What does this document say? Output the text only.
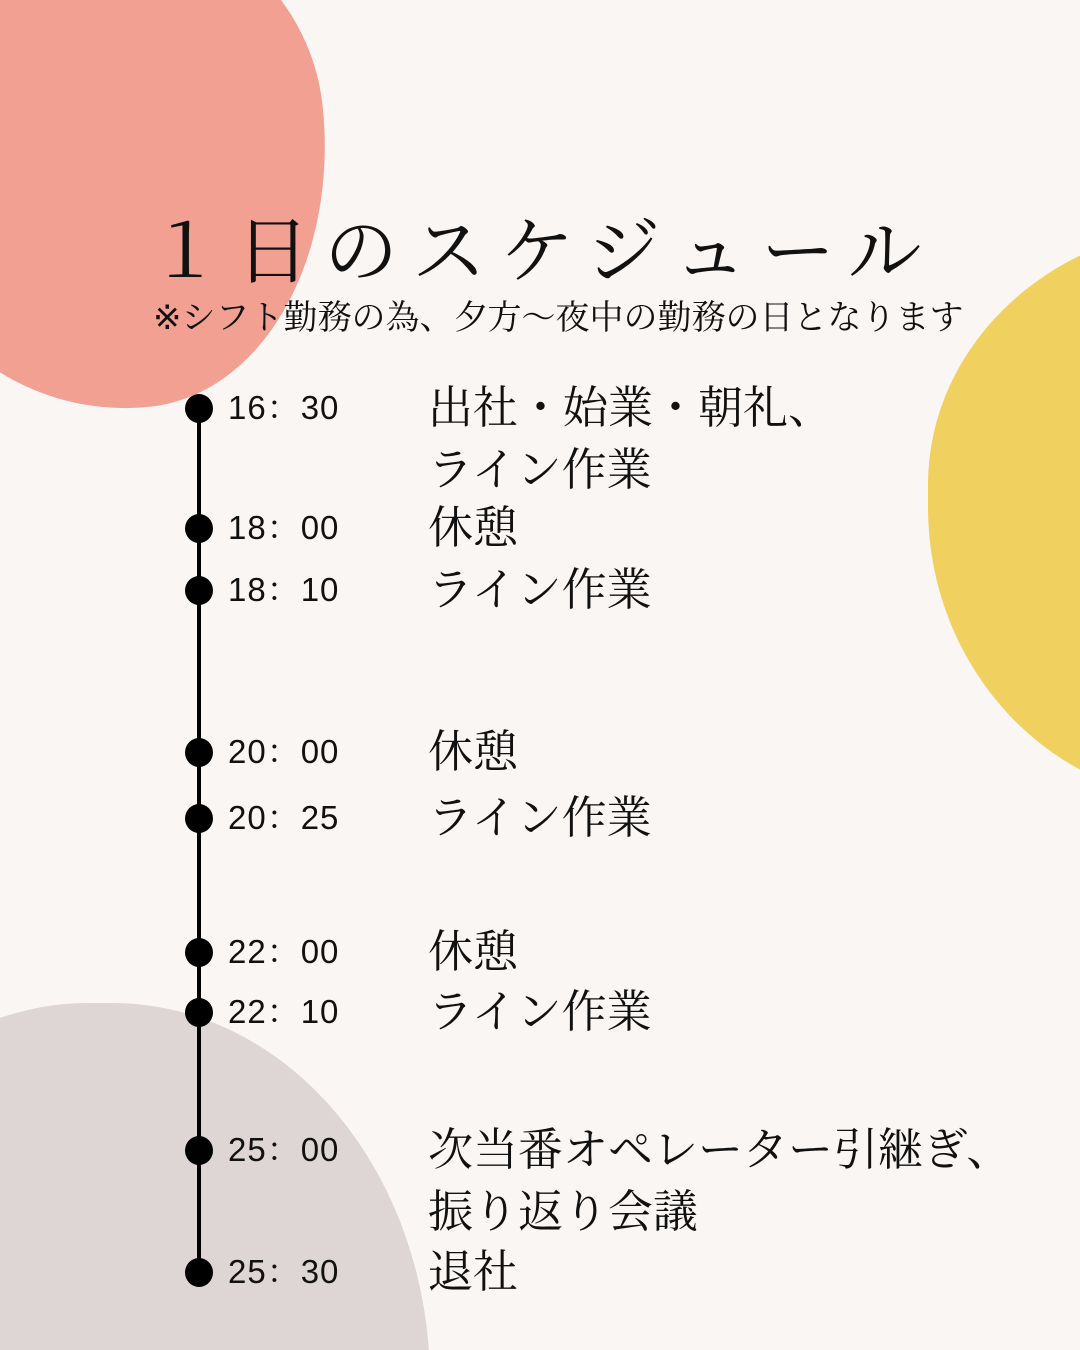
１日のスケジュール
※シフト勤務の為、夕方〜夜中の勤務の日となります
16：30	出社・始業・朝礼、
ライン作業
18：00	休憩
18：10	ライン作業
20：00	休憩
20：25	ライン作業
22：00	休憩
22：10	ライン作業
25：00	次当番オペレーター引継ぎ、
振り返り会議
25：30	退社
